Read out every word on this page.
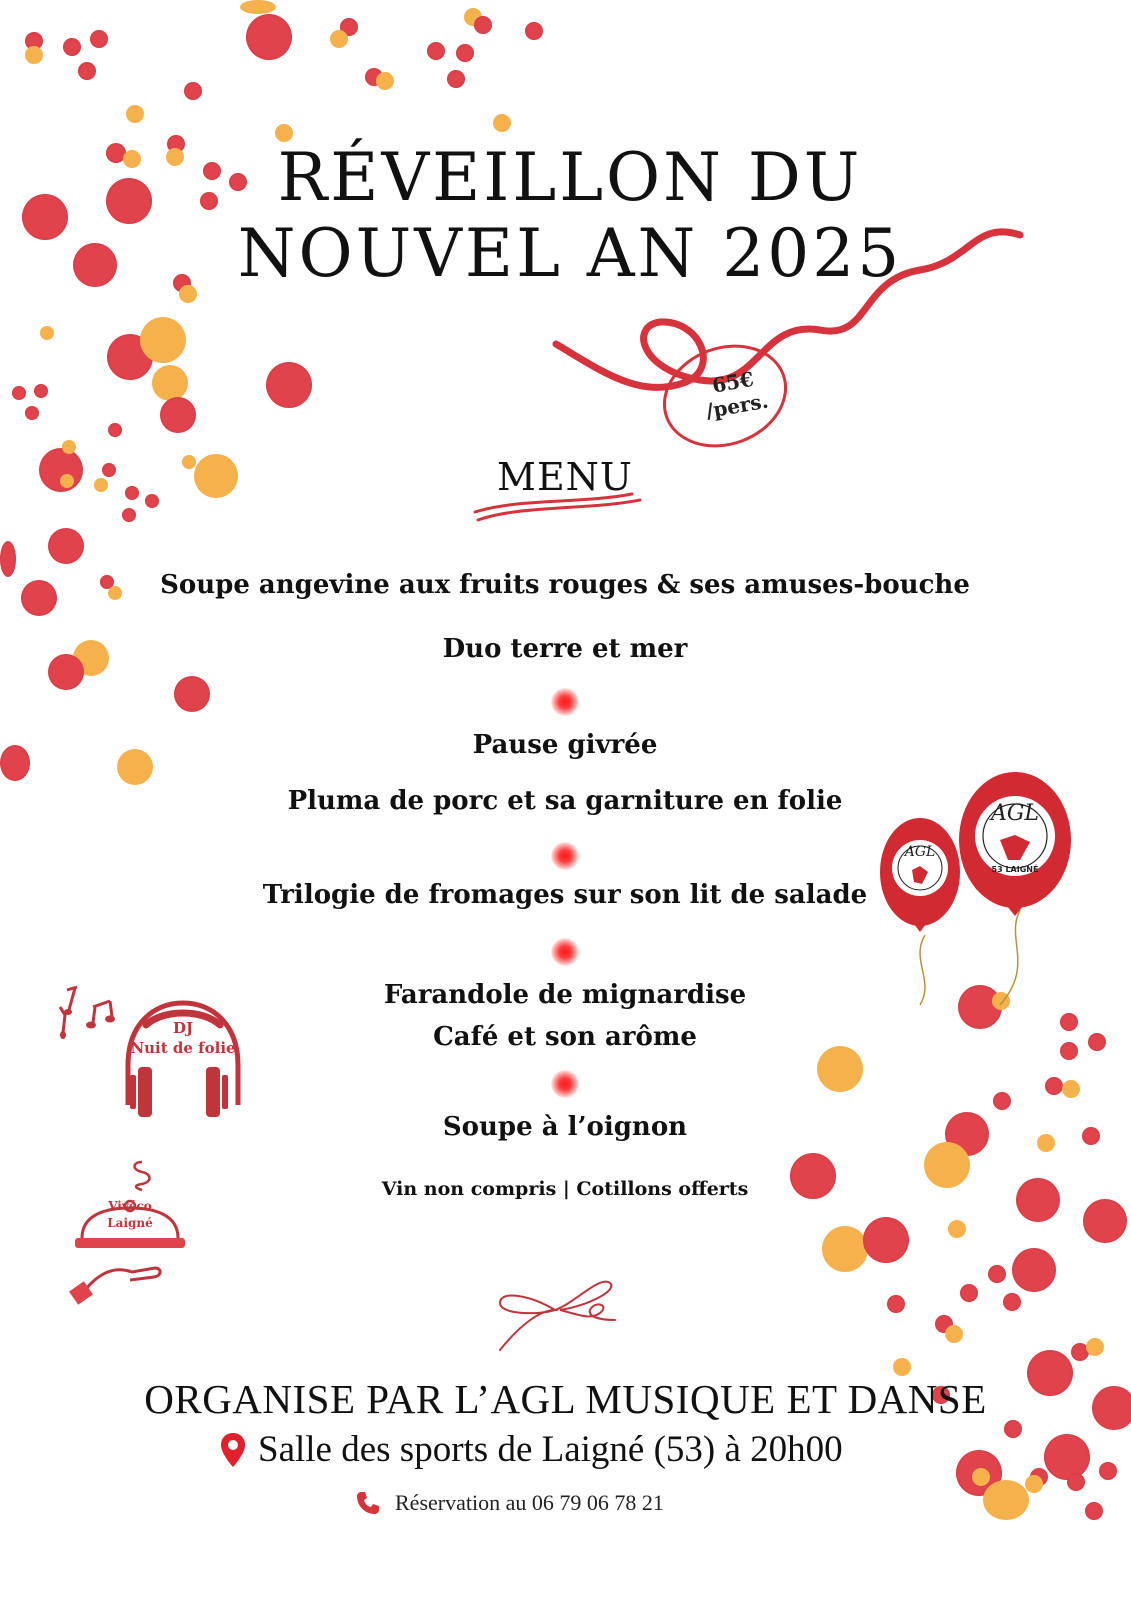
RÉVEILLON DU
NOUVEL AN 2025
65€
/pers.
MENU
Soupe angevine aux fruits rouges & ses amuses-bouche
Duo terre et mer
Pause givrée
Pluma de porc et sa garniture en folie
Trilogie de fromages sur son lit de salade
Farandole de mignardise
Café et son arôme
Soupe à l’oignon
Vin non compris | Cotillons offerts
DJ
Nuit de folie
Vivéco
Laigné
AGL
AGL
53 LAIGNÉ
ORGANISE PAR L’AGL MUSIQUE ET DANSE
Salle des sports de Laigné (53) à 20h00
Réservation au 06 79 06 78 21
